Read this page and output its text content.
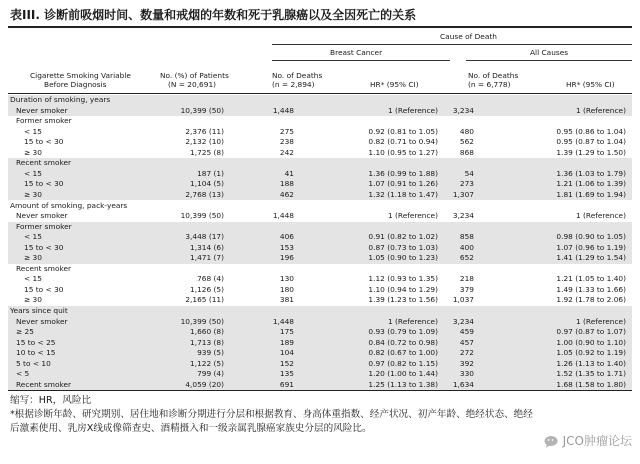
表III. 诊断前吸烟时间、数量和戒烟的年数和死于乳腺癌以及全因死亡的关系
Cause of Death
Breast Cancer	All Causes
Cigarette Smoking Variable
Before Diagnosis
No. (%) of Patients
(N = 20,691)
No. of Deaths
(n = 2,894)	HR* (95% CI)
No. of Deaths
(n = 6,778)	HR* (95% CI)
Duration of smoking, years
Never smoker	10,399 (50)	1,448	1 (Reference) 3,234	1 (Reference)
Former smoker
< 15	2,376 (11)	275	0.92 (0.81 to 1.05)	480	0.95 (0.86 to 1.04)
15 to < 30	2,132 (10)	238	0.82 (0.71 to 0.94)	562	0.95 (0.87 to 1.04)
≥ 30	1,725 (8)	242	1.10 (0.95 to 1.27)	868	1.39 (1.29 to 1.50)
Recent smoker
< 15	187 (1)	41	1.36 (0.99 to 1.88)	54	1.36 (1.03 to 1.79)
15 to < 30	1,104 (5)	188	1.07 (0.91 to 1.26)	273	1.21 (1.06 to 1.39)
≥ 30	2,768 (13)	462	1.32 (1.18 to 1.47) 1,307	1.81 (1.69 to 1.94)
Amount of smoking, pack-years
Never smoker	10,399 (50)	1,448	1 (Reference) 3,234	1 (Reference)
Former smoker
< 15	3,448 (17)	406	0.91 (0.82 to 1.02)	858	0.98 (0.90 to 1.05)
15 to < 30	1,314 (6)	153	0.87 (0.73 to 1.03)	400	1.07 (0.96 to 1.19)
≥ 30	1,471 (7)	196	1.05 (0.90 to 1.23)	652	1.41 (1.29 to 1.54)
Recent smoker
< 15	768 (4)	130	1.12 (0.93 to 1.35)	218	1.21 (1.05 to 1.40)
15 to < 30	1,126 (5)	180	1.10 (0.94 to 1.29)	379	1.49 (1.33 to 1.66)
≥ 30	2,165 (11)	381	1.39 (1.23 to 1.56) 1,037	1.92 (1.78 to 2.06)
Years since quit
Never smoker	10,399 (50)	1,448	1 (Reference) 3,234	1 (Reference)
≥ 25	1,660 (8)	175	0.93 (0.79 to 1.09)	459	0.97 (0.87 to 1.07)
15 to < 25	1,713 (8)	189	0.84 (0.72 to 0.98)	457	1.00 (0.90 to 1.10)
10 to < 15	939 (5)	104	0.82 (0.67 to 1.00)	272	1.05 (0.92 to 1.19)
5 to < 10	1,122 (5)	152	0.97 (0.82 to 1.15)	392	1.26 (1.13 to 1.40)
< 5	799 (4)	135	1.20 (1.00 to 1.44)	330	1.52 (1.35 to 1.71)
Recent smoker	4,059 (20)	691	1.25 (1.13 to 1.38) 1,634	1.68 (1.58 to 1.80)
缩写：HR，风险比
*根据诊断年龄、研究期别、居住地和诊断分期进行分层和根据教育、身高体重指数、经产状况、初产年龄、绝经状态、绝经
后激素使用、乳房X线成像筛查史、酒精摄入和一级亲属乳腺癌家族史分层的风险比。
JCO肿瘤论坛
